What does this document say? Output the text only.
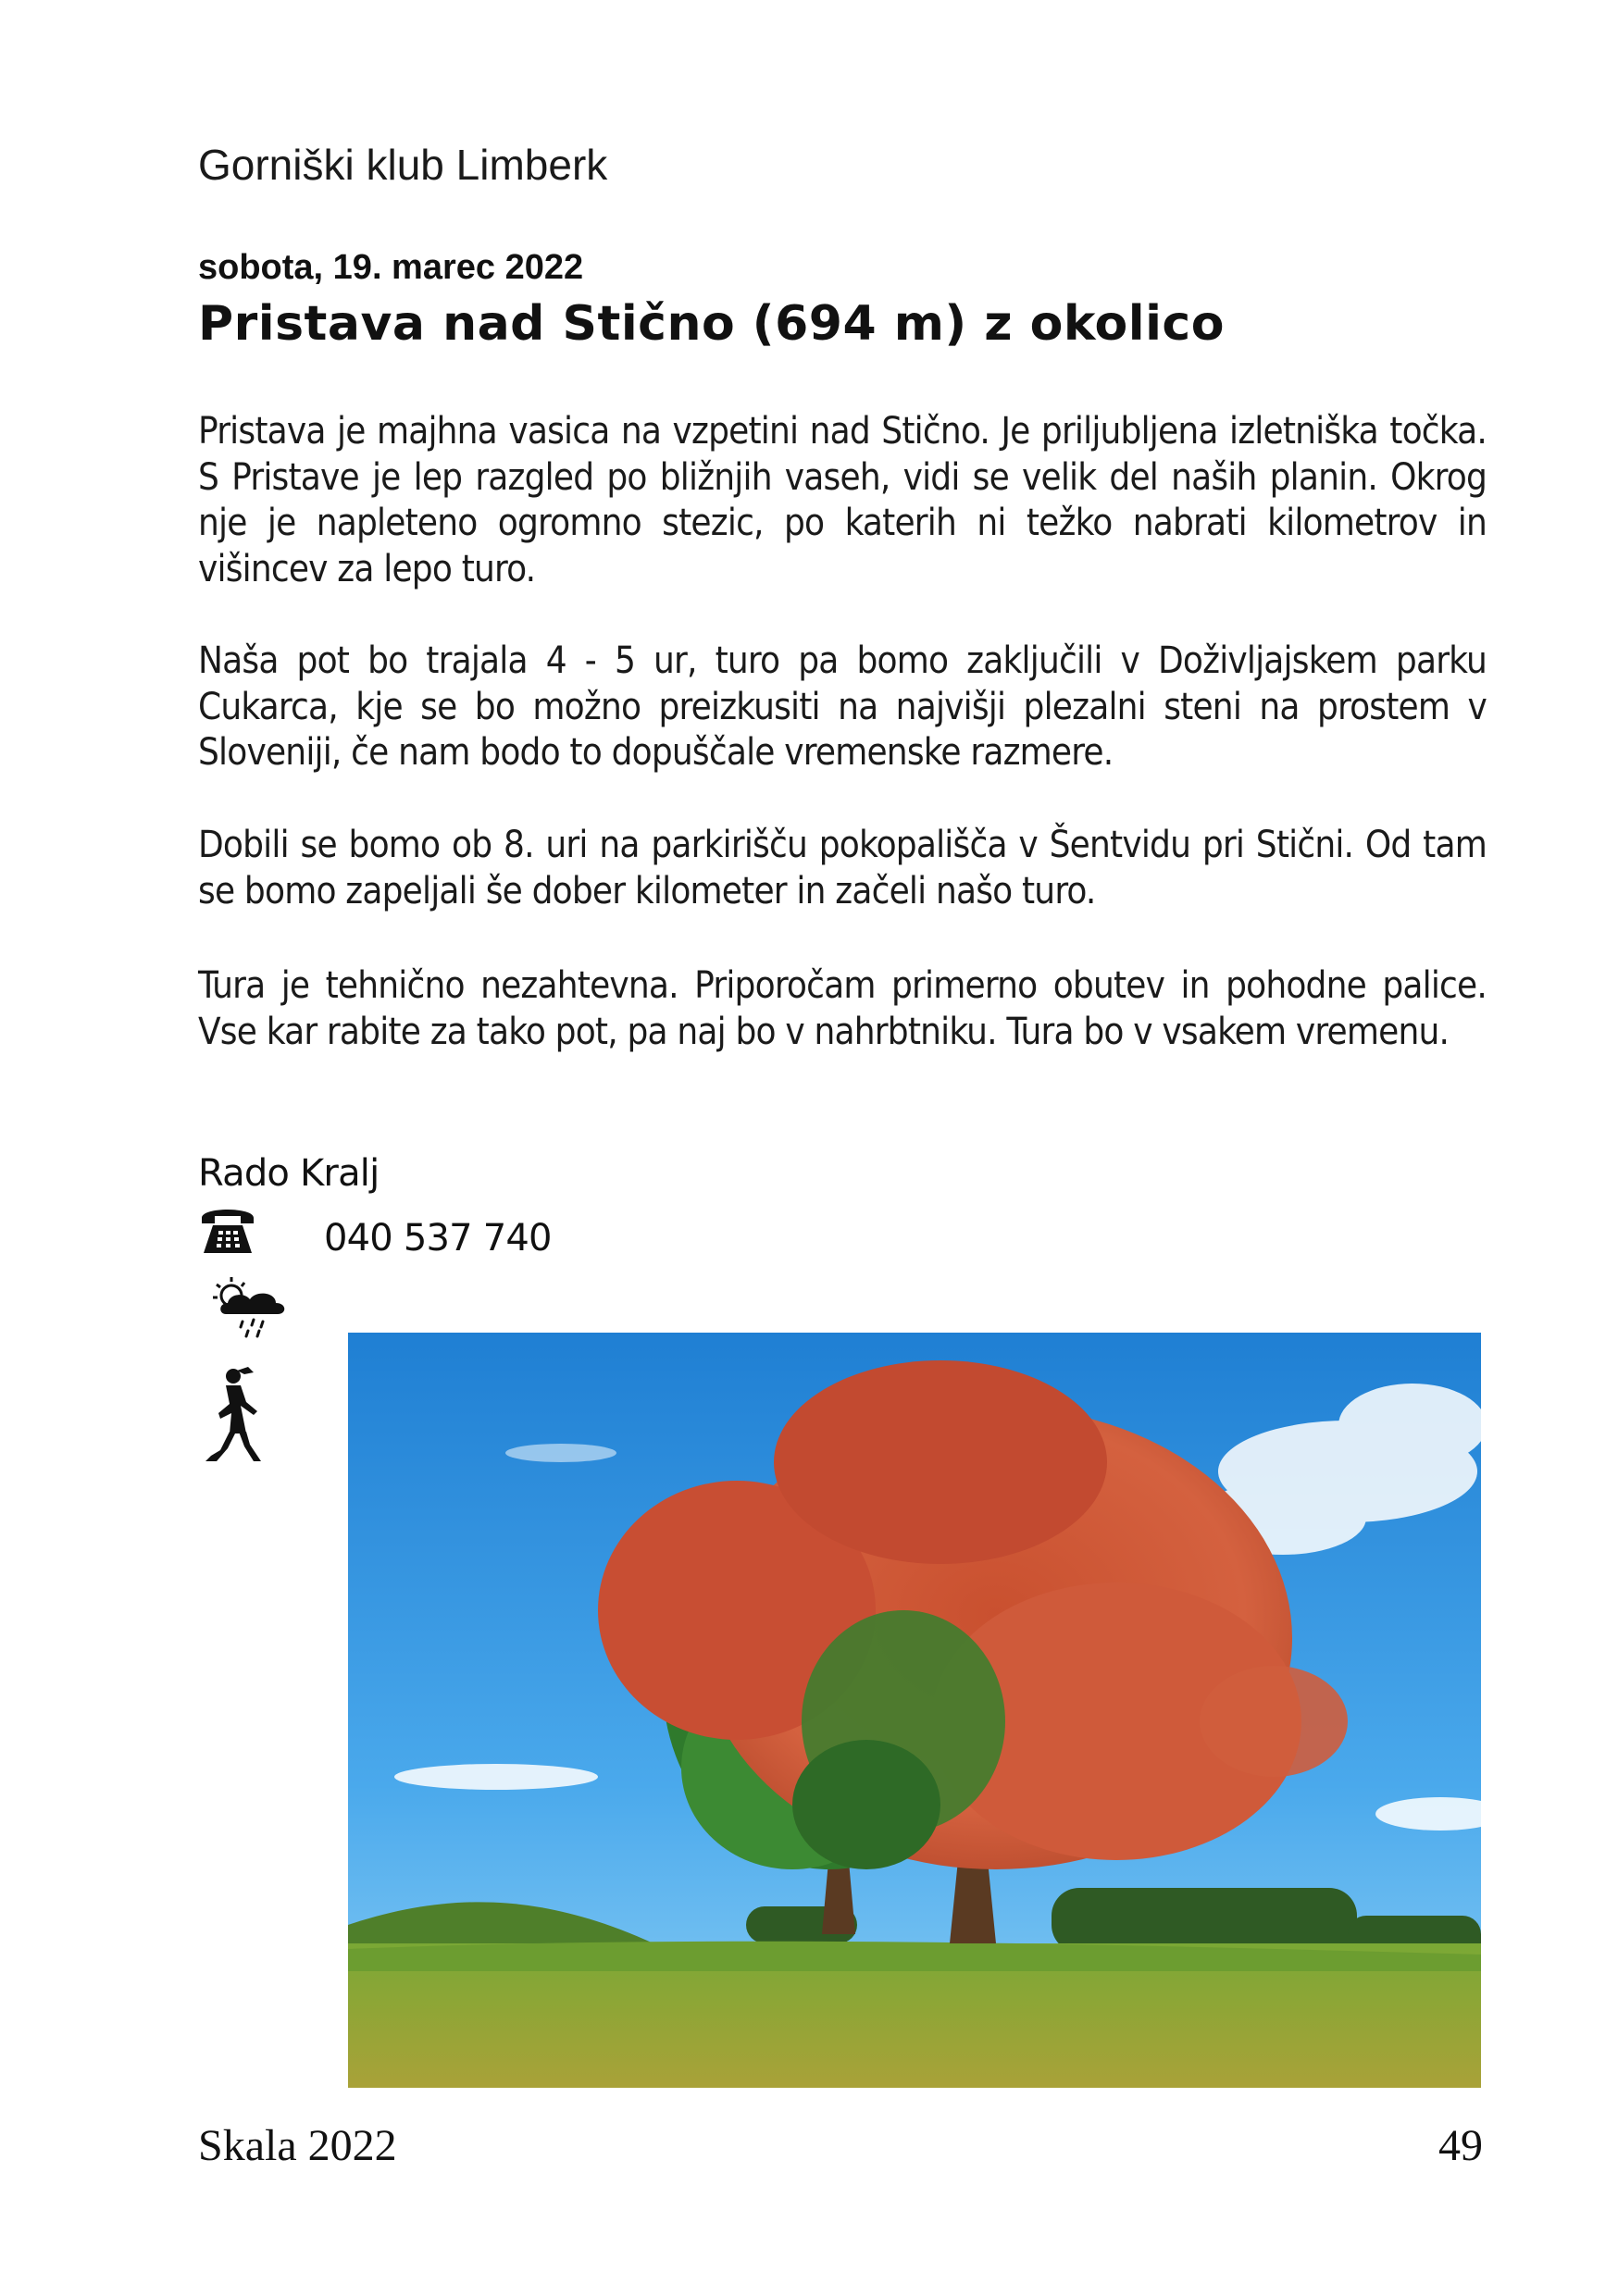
Gorniški klub Limberk
sobota, 19. marec 2022
Pristava nad Stično (694 m) z okolico

Pristava je majhna vasica na vzpetini nad Stično. Je priljubljena izletniška točka. S Pristave je lep razgled po bližnjih vaseh, vidi se velik del naših planin. Okrog nje je napleteno ogromno stezic, po katerih ni težko nabrati kilometrov in višincev za lepo turo.

Naša pot bo trajala 4 - 5 ur, turo pa bomo zaključili v Doživljajskem parku Cukarca, kje se bo možno preizkusiti na najvišji plezalni steni na prostem v Sloveniji, če nam bodo to dopuščale vremenske razmere.

Dobili se bomo ob 8. uri na parkirišču pokopališča v Šentvidu pri Stični. Od tam se bomo zapeljali še dober kilometer in začeli našo turo.

Tura je tehnično nezahtevna. Priporočam primerno obutev in pohodne palice. Vse kar rabite za tako pot, pa naj bo v nahrbtniku. Tura bo v vsakem vremenu.

Rado Kralj
040 537 740
Skala 2022	49
